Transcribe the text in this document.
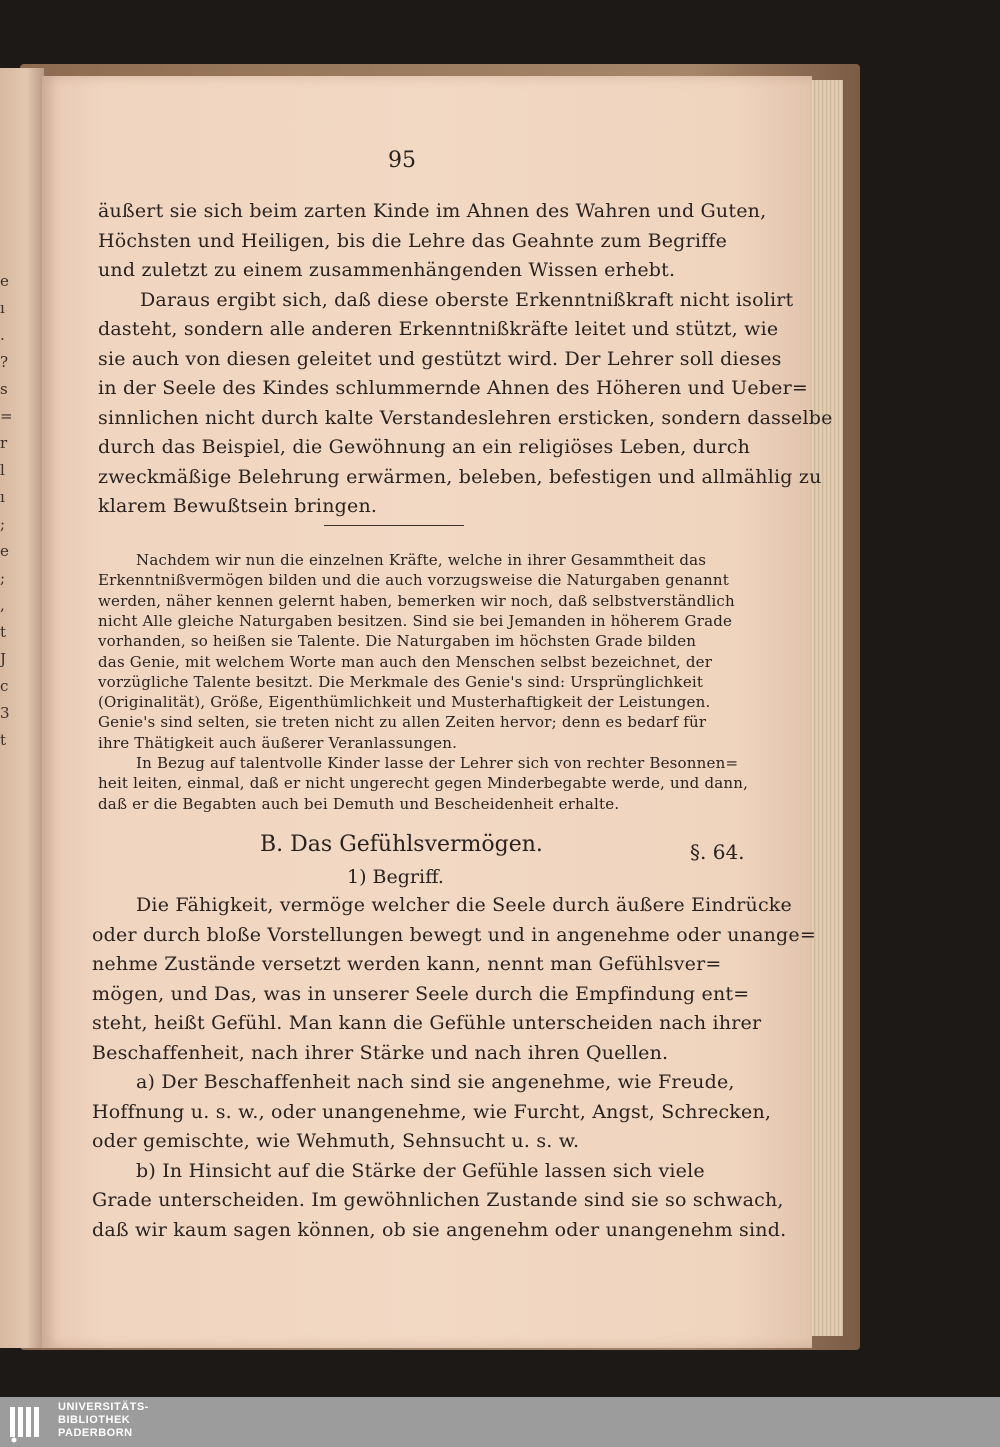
e
ı
.
?
s
=
r
l
ı
;
e
;
,
t
J
c
3
t
95
äußert sie sich beim zarten Kinde im Ahnen des Wahren und Guten,
Höchsten und Heiligen, bis die Lehre das Geahnte zum Begriffe
und zuletzt zu einem zusammenhängenden Wissen erhebt.
Daraus ergibt sich, daß diese oberste Erkenntnißkraft nicht isolirt
dasteht, sondern alle anderen Erkenntnißkräfte leitet und stützt, wie
sie auch von diesen geleitet und gestützt wird. Der Lehrer soll dieses
in der Seele des Kindes schlummernde Ahnen des Höheren und Ueber=
sinnlichen nicht durch kalte Verstandeslehren ersticken, sondern dasselbe
durch das Beispiel, die Gewöhnung an ein religiöses Leben, durch
zweckmäßige Belehrung erwärmen, beleben, befestigen und allmählig zu
klarem Bewußtsein bringen.
Nachdem wir nun die einzelnen Kräfte, welche in ihrer Gesammtheit das
Erkenntnißvermögen bilden und die auch vorzugsweise die Naturgaben genannt
werden, näher kennen gelernt haben, bemerken wir noch, daß selbstverständlich
nicht Alle gleiche Naturgaben besitzen. Sind sie bei Jemanden in höherem Grade
vorhanden, so heißen sie Talente. Die Naturgaben im höchsten Grade bilden
das Genie, mit welchem Worte man auch den Menschen selbst bezeichnet, der
vorzügliche Talente besitzt. Die Merkmale des Genie's sind: Ursprünglichkeit
(Originalität), Größe, Eigenthümlichkeit und Musterhaftigkeit der Leistungen.
Genie's sind selten, sie treten nicht zu allen Zeiten hervor; denn es bedarf für
ihre Thätigkeit auch äußerer Veranlassungen.
In Bezug auf talentvolle Kinder lasse der Lehrer sich von rechter Besonnen=
heit leiten, einmal, daß er nicht ungerecht gegen Minderbegabte werde, und dann,
daß er die Begabten auch bei Demuth und Bescheidenheit erhalte.
B. Das Gefühlsvermögen.	§. 64.
1) Begriff.
Die Fähigkeit, vermöge welcher die Seele durch äußere Eindrücke
oder durch bloße Vorstellungen bewegt und in angenehme oder unange=
nehme Zustände versetzt werden kann, nennt man Gefühlsver=
mögen, und Das, was in unserer Seele durch die Empfindung ent=
steht, heißt Gefühl. Man kann die Gefühle unterscheiden nach ihrer
Beschaffenheit, nach ihrer Stärke und nach ihren Quellen.
a) Der Beschaffenheit nach sind sie angenehme, wie Freude,
Hoffnung u. s. w., oder unangenehme, wie Furcht, Angst, Schrecken,
oder gemischte, wie Wehmuth, Sehnsucht u. s. w.
b) In Hinsicht auf die Stärke der Gefühle lassen sich viele
Grade unterscheiden. Im gewöhnlichen Zustande sind sie so schwach,
daß wir kaum sagen können, ob sie angenehm oder unangenehm sind.
UNIVERSITÄTS-
BIBLIOTHEK
PADERBORN
